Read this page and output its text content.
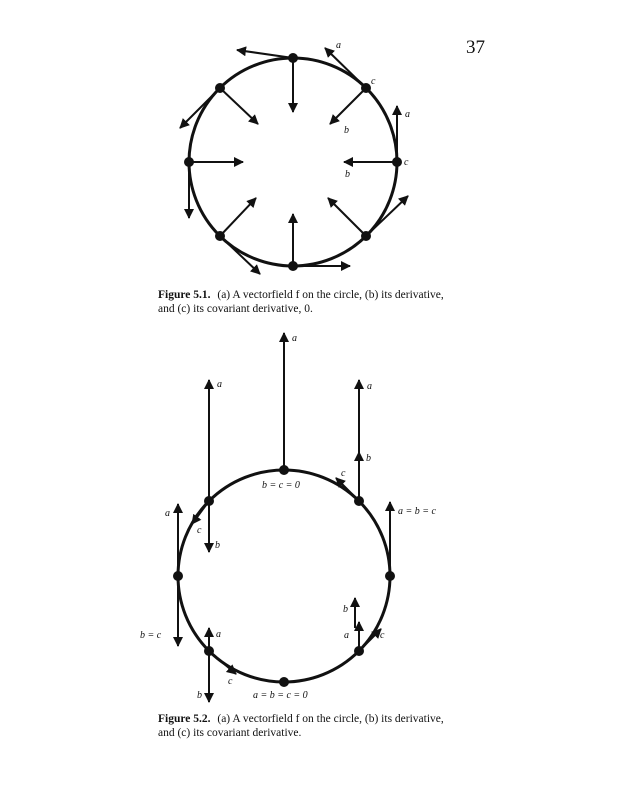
37
a
c
b
a
c
b
a
b = c = 0
a
c
b
a
a
b
c
a = b = c
b = c	a
b
c
b
a	c
a = b = c = 0
Figure 5.1. (a) A vectorfield f on the circle, (b) its derivative, and (c) its covariant derivative, 0.
Figure 5.2. (a) A vectorfield f on the circle, (b) its derivative, and (c) its covariant derivative.
